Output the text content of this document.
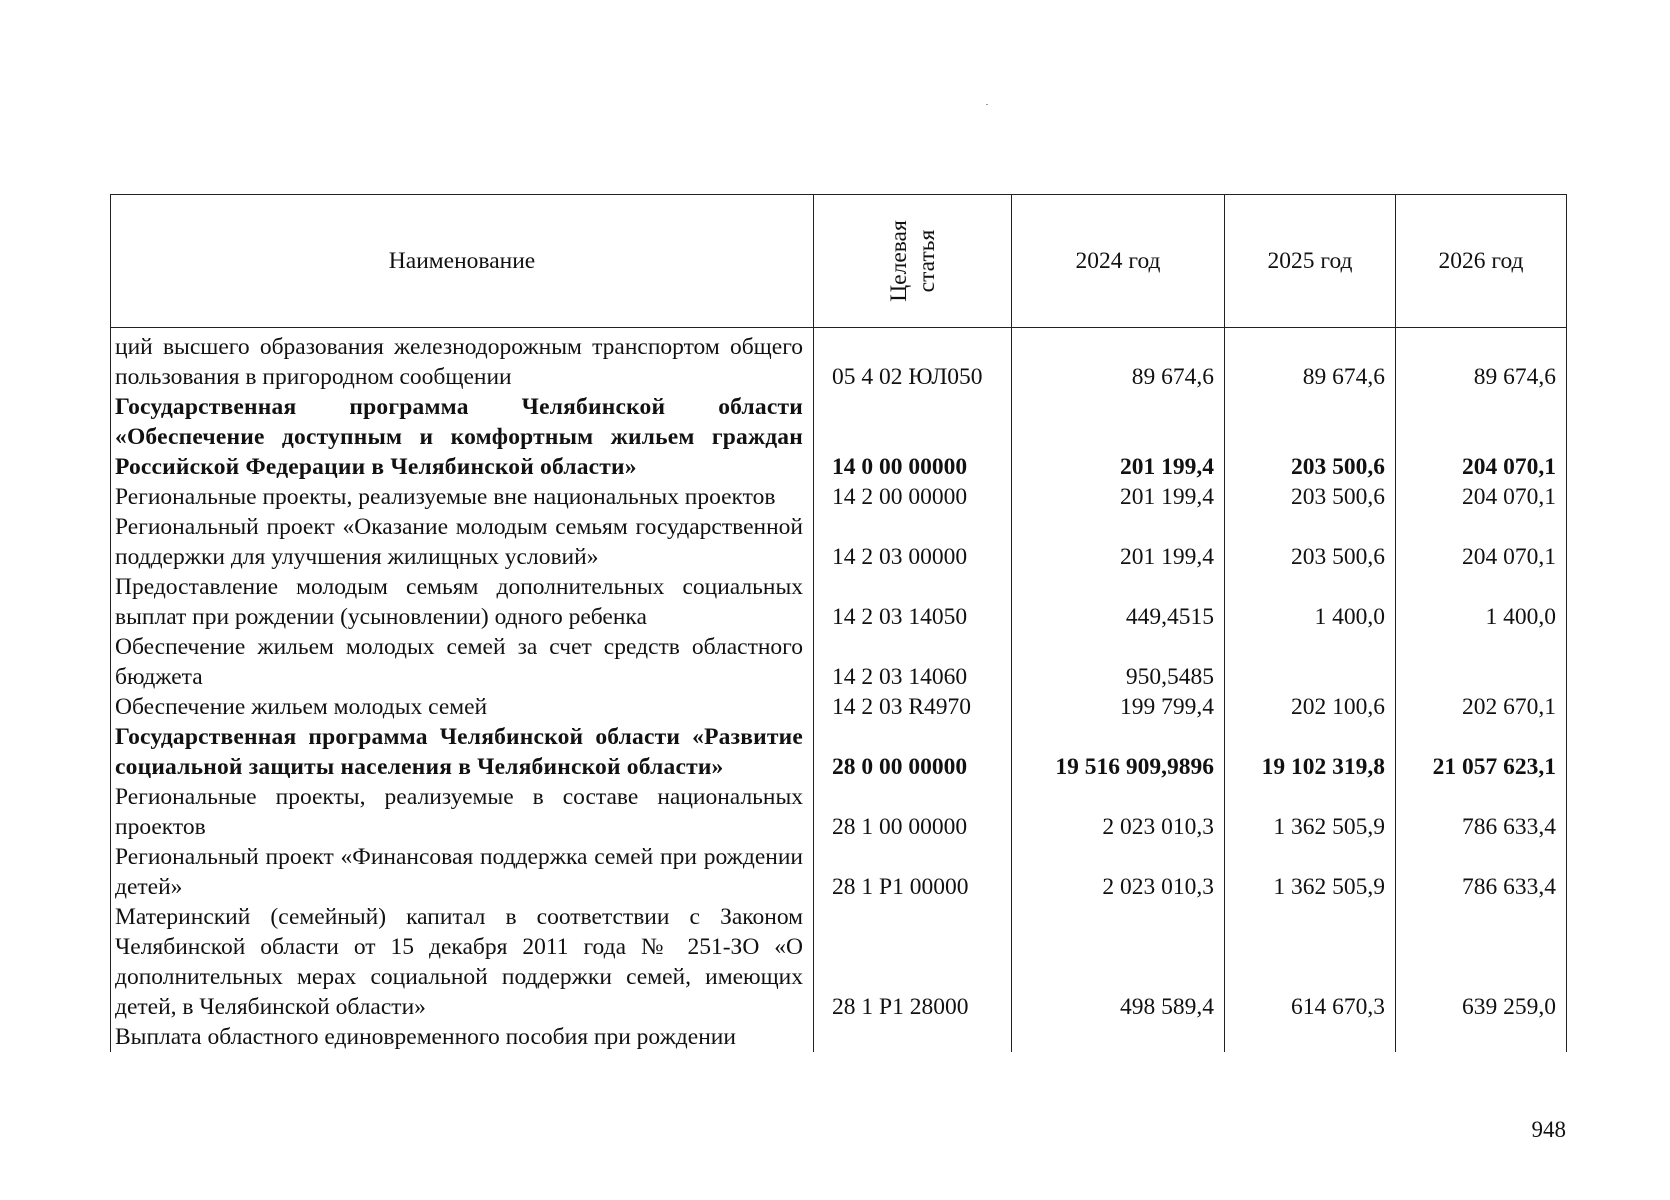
Наименование	Целевая статья	2024 год	2025 год	2026 год
ций высшего образования железнодорожным транспортом общего пользования в пригородном сообщении	05 4 02 ЮЛ050	89 674,6	89 674,6	89 674,6
Государственная программа Челябинской области «Обеспечение доступным и комфортным жильем граждан Российской Федерации в Челябинской области»	14 0 00 00000	201 199,4	203 500,6	204 070,1
Региональные проекты, реализуемые вне национальных проектов	14 2 00 00000	201 199,4	203 500,6	204 070,1
Региональный проект «Оказание молодым семьям государственной поддержки для улучшения жилищных условий»	14 2 03 00000	201 199,4	203 500,6	204 070,1
Предоставление молодым семьям дополнительных социальных выплат при рождении (усыновлении) одного ребенка	14 2 03 14050	449,4515	1 400,0	1 400,0
Обеспечение жильем молодых семей за счет средств областного бюджета	14 2 03 14060	950,5485		
Обеспечение жильем молодых семей	14 2 03 R4970	199 799,4	202 100,6	202 670,1
Государственная программа Челябинской области «Развитие социальной защиты населения в Челябинской области»	28 0 00 00000	19 516 909,9896	19 102 319,8	21 057 623,1
Региональные проекты, реализуемые в составе национальных проектов	28 1 00 00000	2 023 010,3	1 362 505,9	786 633,4
Региональный проект «Финансовая поддержка семей при рождении детей»	28 1 P1 00000	2 023 010,3	1 362 505,9	786 633,4
Материнский (семейный) капитал в соответствии с Законом Челябинской области от 15 декабря 2011 года № 251-ЗО «О дополнительных мерах социальной поддержки семей, имеющих детей, в Челябинской области»	28 1 P1 28000	498 589,4	614 670,3	639 259,0
Выплата областного единовременного пособия при рождении				
948
